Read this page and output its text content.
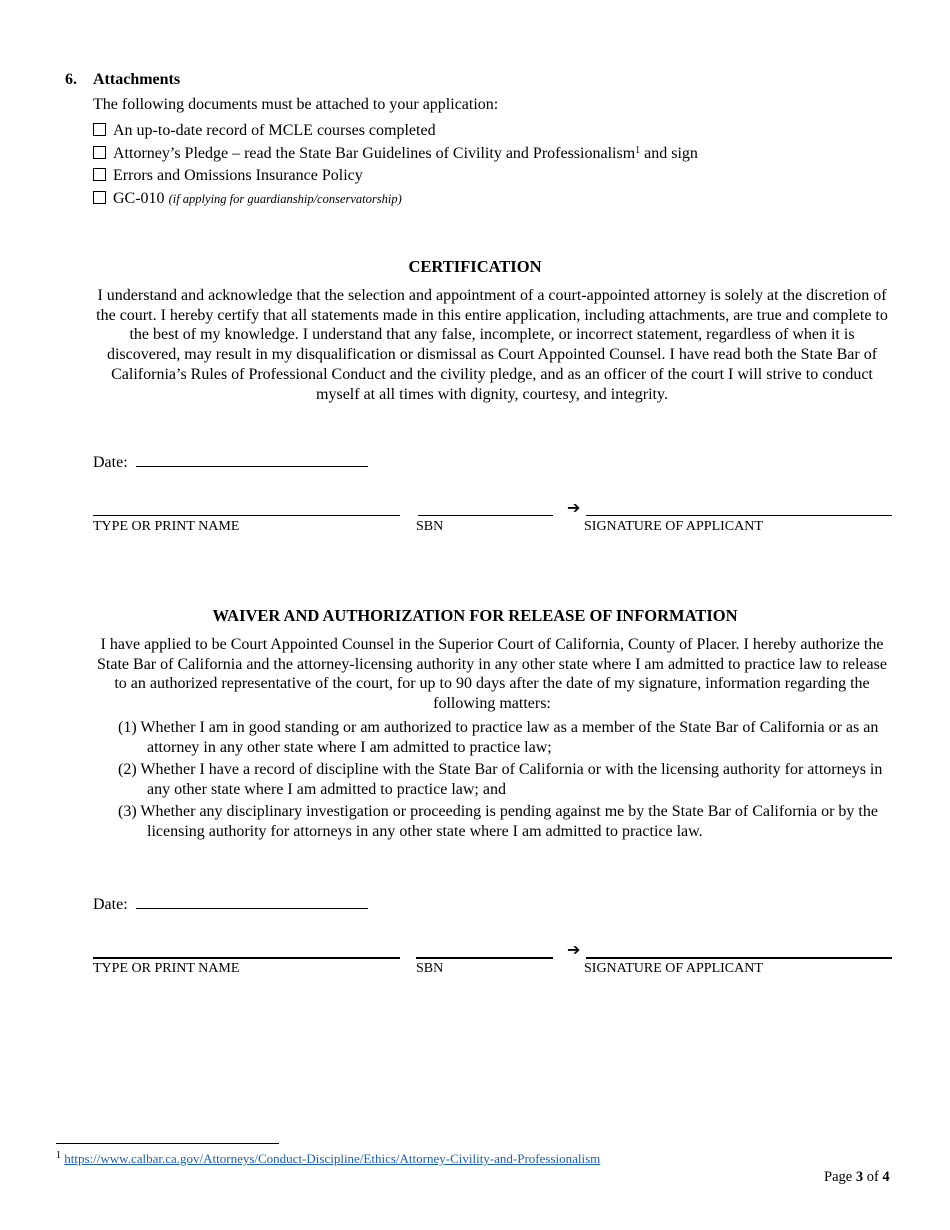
6. Attachments
The following documents must be attached to your application:
An up-to-date record of MCLE courses completed
Attorney’s Pledge – read the State Bar Guidelines of Civility and Professionalism$^1$ and sign
Errors and Omissions Insurance Policy
GC-010 (if applying for guardianship/conservatorship)
CERTIFICATION

I understand and acknowledge that the selection and appointment of a court-appointed attorney is solely at the discretion of the court. I hereby certify that all statements made in this entire application, including attachments, are true and complete to the best of my knowledge. I understand that any false, incomplete, or incorrect statement, regardless of when it is discovered, may result in my disqualification or dismissal as Court Appointed Counsel. I have read both the State Bar of California’s Rules of Professional Conduct and the civility pledge, and as an officer of the court I will strive to conduct myself at all times with dignity, courtesy, and integrity.

Date:
➔
TYPE OR PRINT NAME	SBN	SIGNATURE OF APPLICANT
WAIVER AND AUTHORIZATION FOR RELEASE OF INFORMATION

I have applied to be Court Appointed Counsel in the Superior Court of California, County of Placer. I hereby authorize the State Bar of California and the attorney-licensing authority in any other state where I am admitted to practice law to release to an authorized representative of the court, for up to 90 days after the date of my signature, information regarding the following matters:

(1) Whether I am in good standing or am authorized to practice law as a member of the State Bar of California or as an attorney in any other state where I am admitted to practice law;
(2) Whether I have a record of discipline with the State Bar of California or with the licensing authority for attorneys in any other state where I am admitted to practice law; and
(3) Whether any disciplinary investigation or proceeding is pending against me by the State Bar of California or by the licensing authority for attorneys in any other state where I am admitted to practice law.
Date:
➔
TYPE OR PRINT NAME	SBN	SIGNATURE OF APPLICANT
$^1$ https://www.calbar.ca.gov/Attorneys/Conduct-Discipline/Ethics/Attorney-Civility-and-Professionalism
Page 3 of 4
